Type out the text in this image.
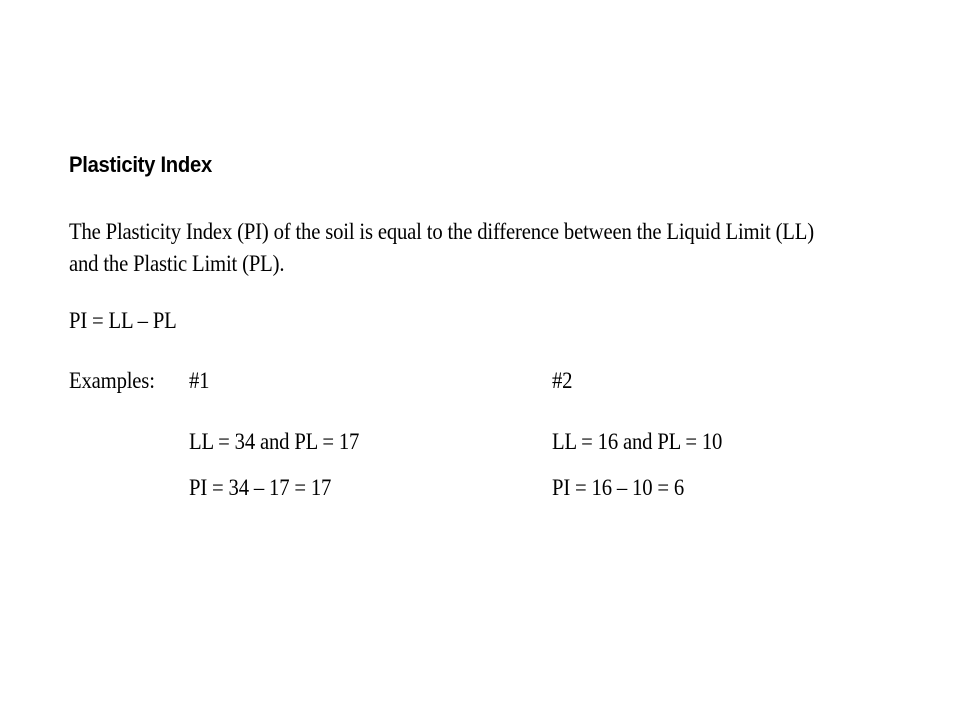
Plasticity Index
The Plasticity Index (PI) of the soil is equal to the difference between the Liquid Limit (LL)
and the Plastic Limit (PL).
PI = LL – PL
Examples: #1
LL = 34 and PL = 17
PI = 34 – 17 = 17
#2
LL = 16 and PL = 10
PI = 16 – 10 = 6
